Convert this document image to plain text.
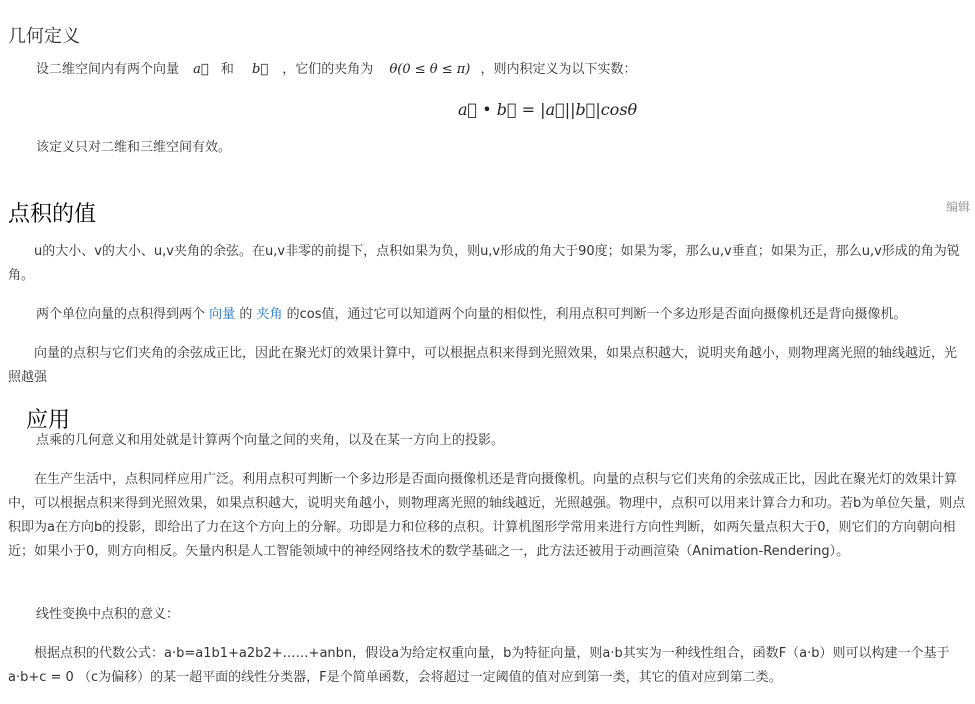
几何定义
设二维空间内有两个向量 a⃗ 和 b⃗ ，它们的夹角为 θ(0 ≤ θ ≤ π) ，则内积定义为以下实数：
a⃗ • b⃗ = |a⃗||b⃗|cosθ
该定义只对二维和三维空间有效。
点积的值	编辑
u的大小、v的大小、u,v夹角的余弦。在u,v非零的前提下，点积如果为负，则u,v形成的角大于90度；如果为零，那么u,v垂直；如果为正，那么u,v形成的角为锐角。
两个单位向量的点积得到两个 向量 的 夹角 的cos值，通过它可以知道两个向量的相似性，利用点积可判断一个多边形是否面向摄像机还是背向摄像机。
向量的点积与它们夹角的余弦成正比，因此在聚光灯的效果计算中，可以根据点积来得到光照效果，如果点积越大，说明夹角越小，则物理离光照的轴线越近，光照越强
应用
点乘的几何意义和用处就是计算两个向量之间的夹角，以及在某一方向上的投影。
在生产生活中，点积同样应用广泛。利用点积可判断一个多边形是否面向摄像机还是背向摄像机。向量的点积与它们夹角的余弦成正比，因此在聚光灯的效果计算中，可以根据点积来得到光照效果，如果点积越大，说明夹角越小，则物理离光照的轴线越近，光照越强。物理中，点积可以用来计算合力和功。若b为单位矢量，则点积即为a在方向b的投影，即给出了力在这个方向上的分解。功即是力和位移的点积。计算机图形学常用来进行方向性判断，如两矢量点积大于0，则它们的方向朝向相近；如果小于0，则方向相反。矢量内积是人工智能领域中的神经网络技术的数学基础之一，此方法还被用于动画渲染（Animation-Rendering）。
线性变换中点积的意义：
根据点积的代数公式：a·b=a1b1+a2b2+……+anbn，假设a为给定权重向量，b为特征向量，则a·b其实为一种线性组合，函数F（a·b）则可以构建一个基于a·b+c = 0 （c为偏移）的某一超平面的线性分类器，F是个简单函数，会将超过一定阈值的值对应到第一类，其它的值对应到第二类。
